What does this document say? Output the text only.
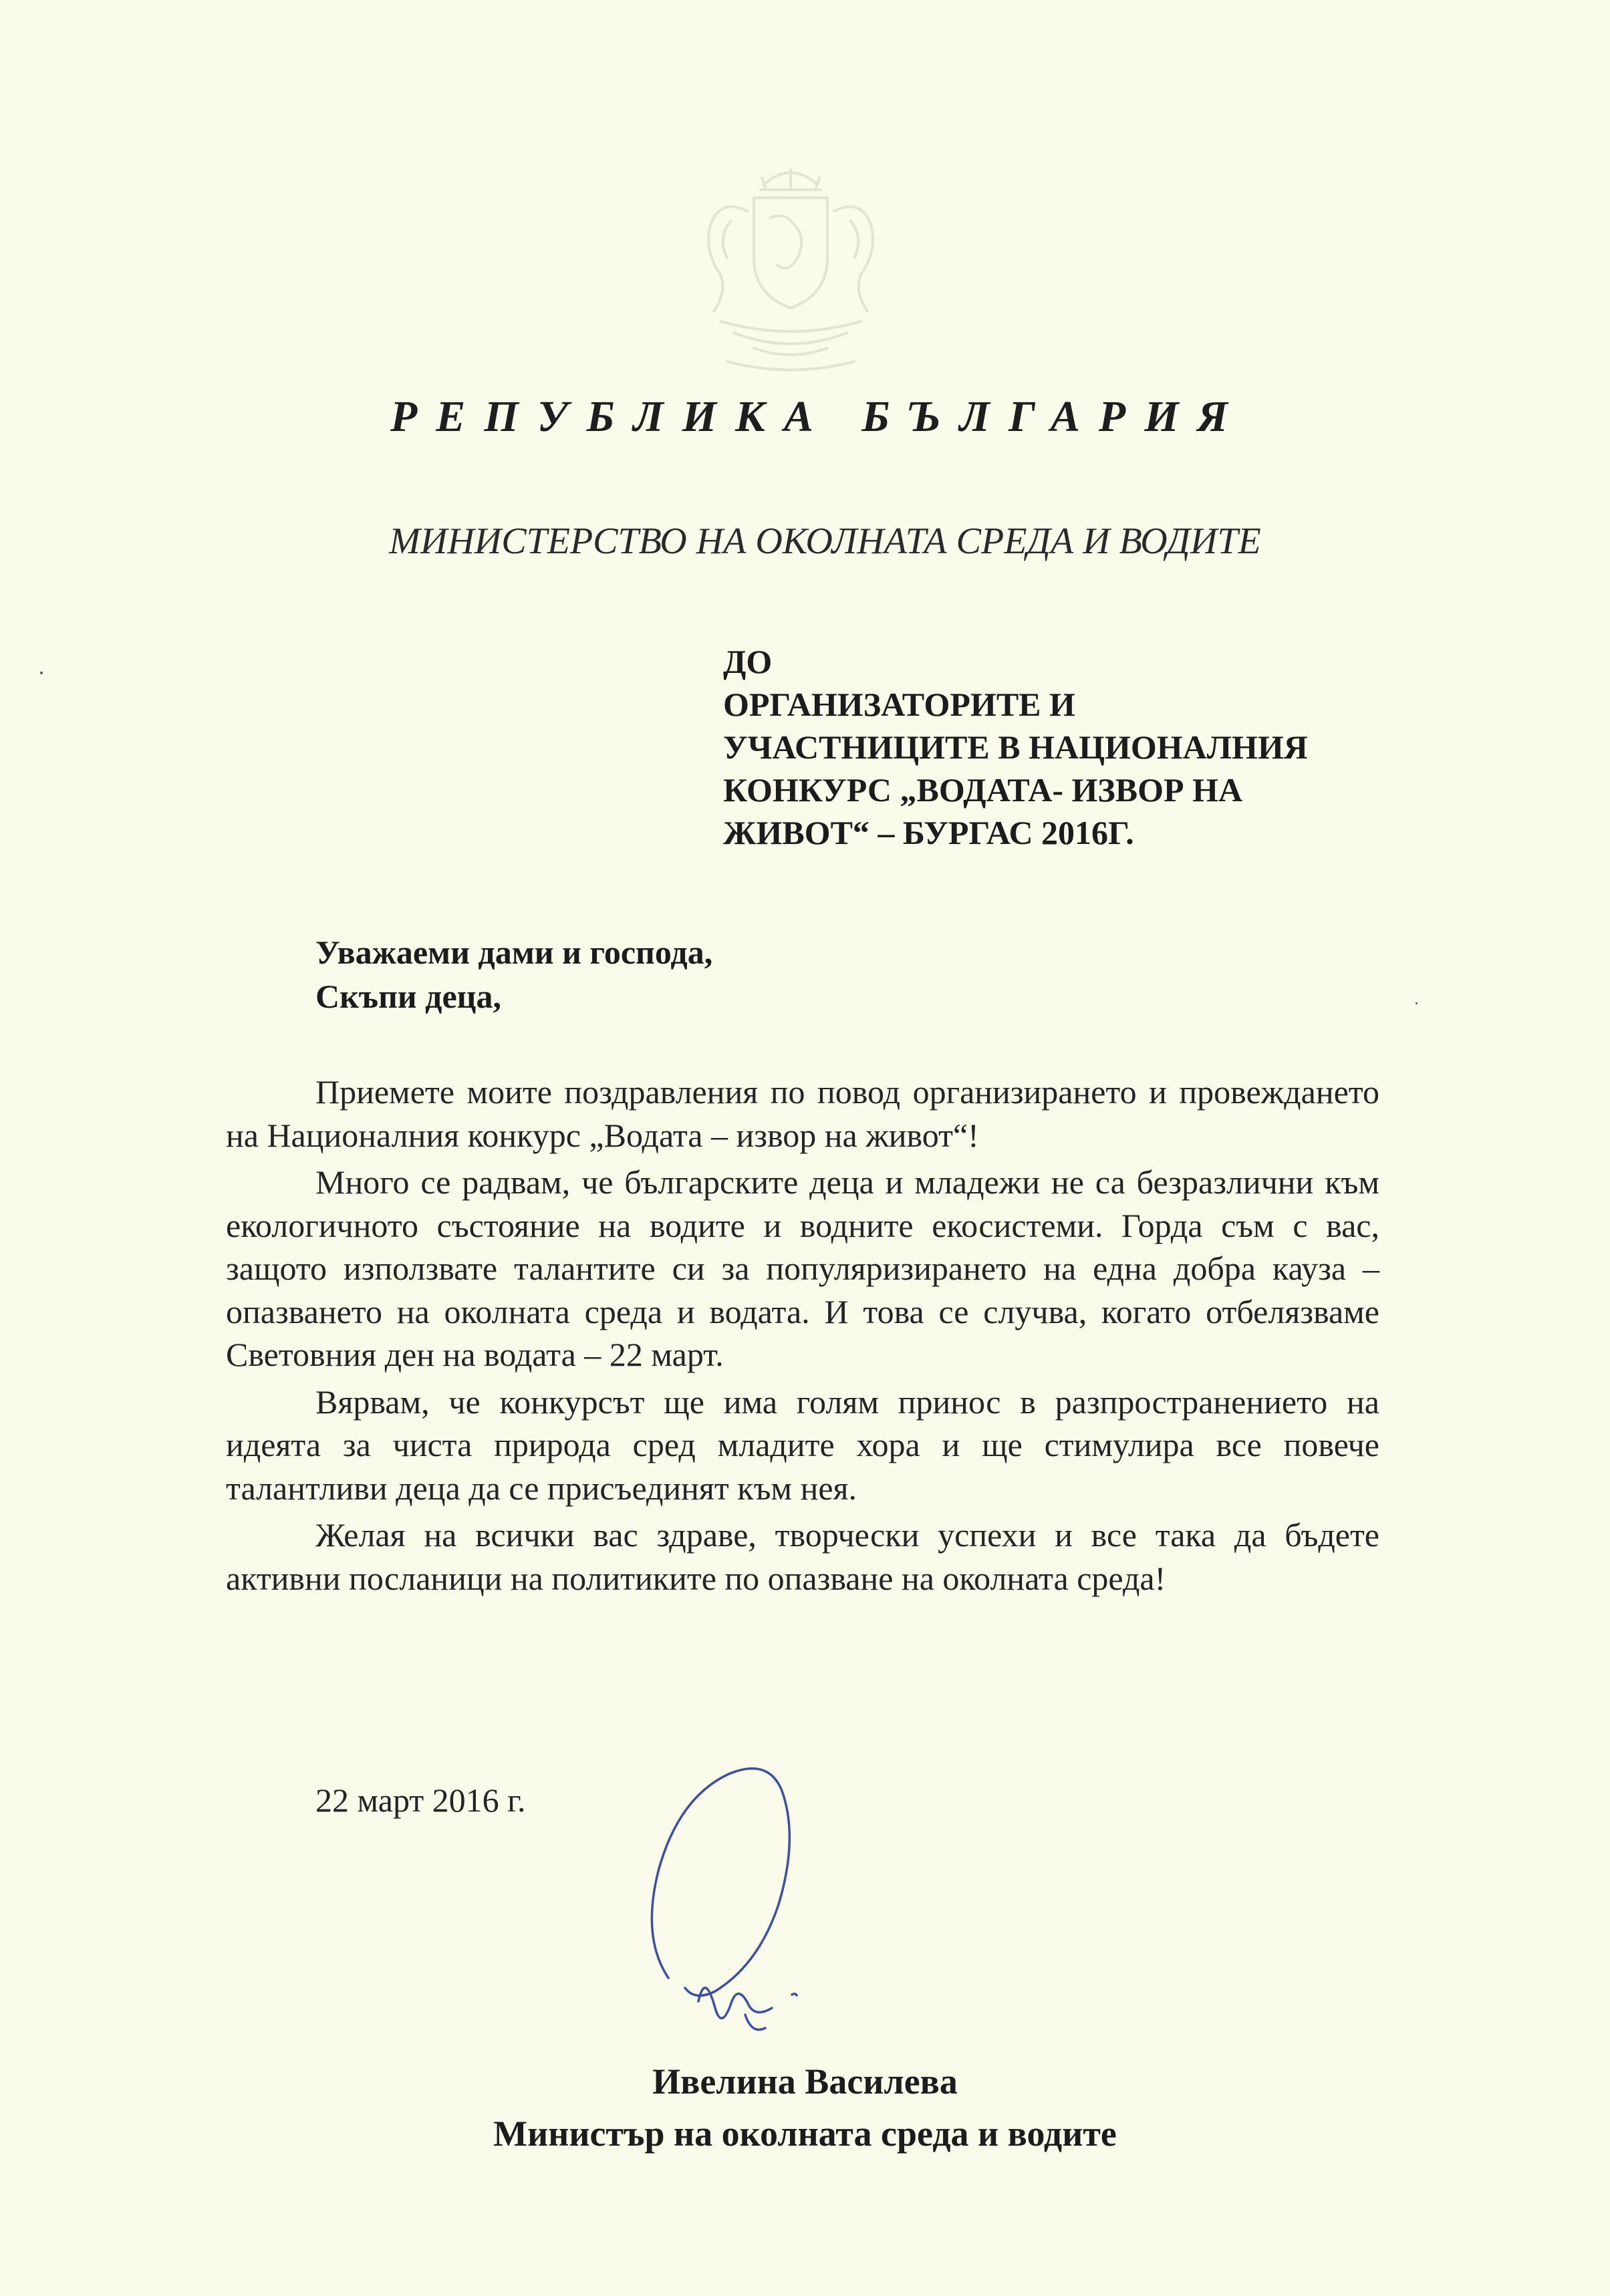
РЕПУБЛИКА БЪЛГАРИЯ
МИНИСТЕРСТВО НА ОКОЛНАТА СРЕДА И ВОДИТЕ
ДО
ОРГАНИЗАТОРИТЕ И
УЧАСТНИЦИТЕ В НАЦИОНАЛНИЯ
КОНКУРС „ВОДАТА- ИЗВОР НА
ЖИВОТ“ – БУРГАС 2016Г.
Уважаеми дами и господа,
Скъпи деца,

Приемете моите поздравления по повод организирането и провеждането на Националния конкурс „Водата – извор на живот“!

Много се радвам, че българските деца и младежи не са безразлични към екологичното състояние на водите и водните екосистеми. Горда съм с вас, защото използвате талантите си за популяризирането на една добра кауза – опазването на околната среда и водата. И това се случва, когато отбелязваме Световния ден на водата – 22 март.

Вярвам, че конкурсът ще има голям принос в разпространението на идеята за чиста природа сред младите хора и ще стимулира все повече талантливи деца да се присъединят към нея.

Желая на всички вас здраве, творчески успехи и все така да бъдете активни посланици на политиките по опазване на околната среда!

22 март 2016 г.
Ивелина Василева
Министър на околната среда и водите
